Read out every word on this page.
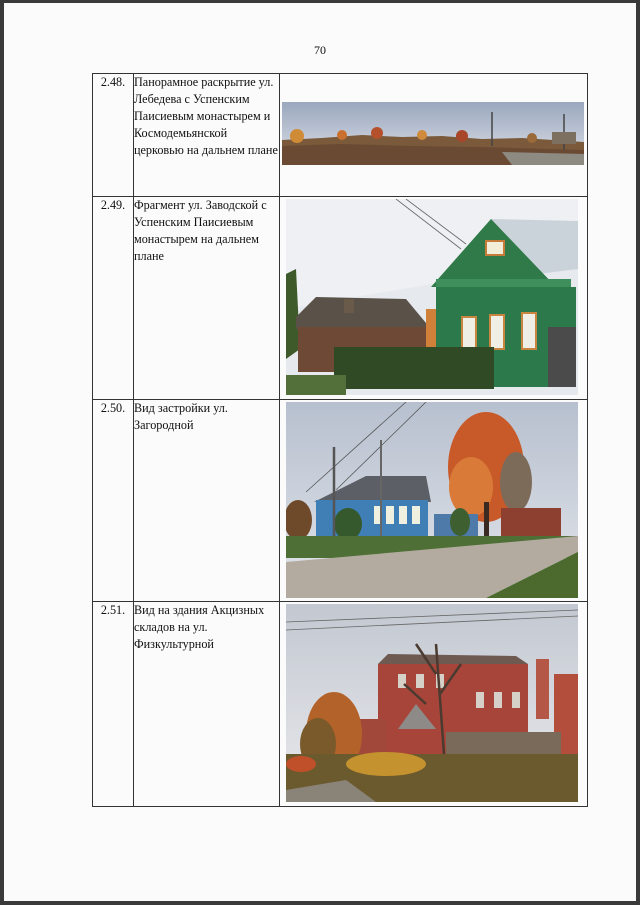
70
2.48.	Панорамное раскрытие ул. Лебедева с Успенским Паисиевым монастырем и Космодемьянской церковью на дальнем плане	

2.49.	Фрагмент ул. Заводской с Успенским Паисиевым монастырем на дальнем плане	

2.50.	Вид застройки ул. Загородной	

2.51.	Вид на здания Акцизных складов на ул. Физкультурной	
